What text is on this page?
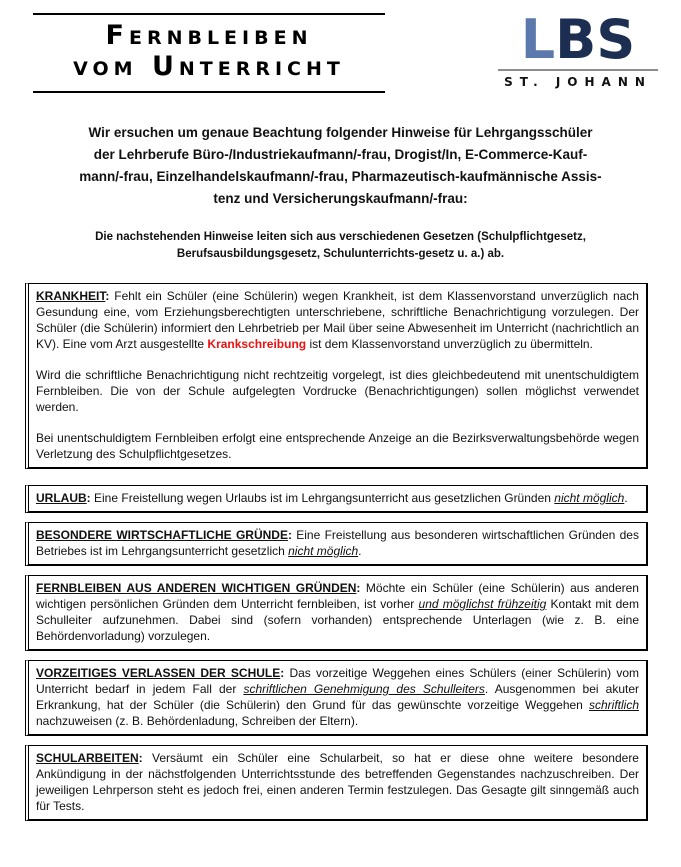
Fernbleiben
vom Unterricht	LBS
ST. JOHANN
Wir ersuchen um genaue Beachtung folgender Hinweise für Lehrgangsschüler
der Lehrberufe Büro-/Industriekaufmann/-frau, Drogist/In, E-Commerce-Kauf-
mann/-frau, Einzelhandelskaufmann/-frau, Pharmazeutisch-kaufmännische Assis-
tenz und Versicherungskaufmann/-frau:
Die nachstehenden Hinweise leiten sich aus verschiedenen Gesetzen (Schulpflichtgesetz,
Berufsausbildungsgesetz, Schulunterrichts-gesetz u. a.) ab.

KRANKHEIT: Fehlt ein Schüler (eine Schülerin) wegen Krankheit, ist dem Klassenvorstand unverzüglich nach Gesundung eine, vom Erziehungsberechtigten unterschriebene, schriftliche Benachrichtigung vorzulegen. Der Schüler (die Schülerin) informiert den Lehrbetrieb per Mail über seine Abwesenheit im Unterricht (nachrichtlich an KV). Eine vom Arzt ausgestellte Krankschreibung ist dem Klassenvorstand unverzüglich zu übermitteln.

Wird die schriftliche Benachrichtigung nicht rechtzeitig vorgelegt, ist dies gleichbedeutend mit unentschuldigtem Fernbleiben. Die von der Schule aufgelegten Vordrucke (Benachrichtigungen) sollen möglichst verwendet werden.

Bei unentschuldigtem Fernbleiben erfolgt eine entsprechende Anzeige an die Bezirksverwaltungsbehörde wegen Verletzung des Schulpflichtgesetzes.

URLAUB: Eine Freistellung wegen Urlaubs ist im Lehrgangsunterricht aus gesetzlichen Gründen nicht möglich.

BESONDERE WIRTSCHAFTLICHE GRÜNDE: Eine Freistellung aus besonderen wirtschaftlichen Gründen des Betriebes ist im Lehrgangsunterricht gesetzlich nicht möglich.

FERNBLEIBEN AUS ANDEREN WICHTIGEN GRÜNDEN: Möchte ein Schüler (eine Schülerin) aus anderen wichtigen persönlichen Gründen dem Unterricht fernbleiben, ist vorher und möglichst frühzeitig Kontakt mit dem Schulleiter aufzunehmen. Dabei sind (sofern vorhanden) entsprechende Unterlagen (wie z. B. eine Behördenvorladung) vorzulegen.

VORZEITIGES VERLASSEN DER SCHULE: Das vorzeitige Weggehen eines Schülers (einer Schülerin) vom Unterricht bedarf in jedem Fall der schriftlichen Genehmigung des Schulleiters. Ausgenommen bei akuter Erkrankung, hat der Schüler (die Schülerin) den Grund für das gewünschte vorzeitige Weggehen schriftlich nachzuweisen (z. B. Behördenladung, Schreiben der Eltern).

SCHULARBEITEN: Versäumt ein Schüler eine Schularbeit, so hat er diese ohne weitere besondere Ankündigung in der nächstfolgenden Unterrichtsstunde des betreffenden Gegenstandes nachzuschreiben. Der jeweiligen Lehrperson steht es jedoch frei, einen anderen Termin festzulegen. Das Gesagte gilt sinngemäß auch für Tests.
